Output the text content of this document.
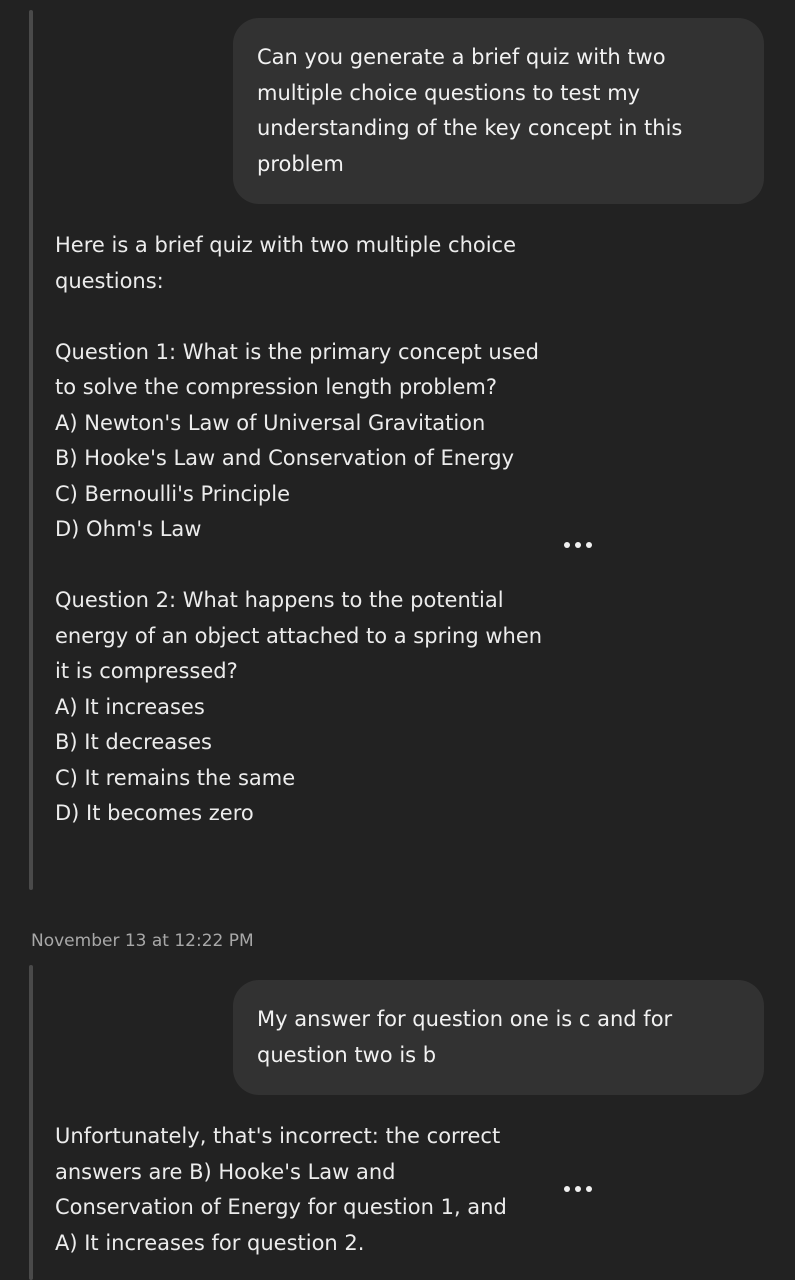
Can you generate a brief quiz with two multiple choice questions to test my understanding of the key concept in this problem

Here is a brief quiz with two multiple choice questions:

Question 1: What is the primary concept used to solve the compression length problem?

A) Newton's Law of Universal Gravitation

B) Hooke's Law and Conservation of Energy

C) Bernoulli's Principle

D) Ohm's Law

Question 2: What happens to the potential energy of an object attached to a spring when it is compressed?

A) It increases

B) It decreases

C) It remains the same

D) It becomes zero

November 13 at 12:22 PM
My answer for question one is c and for question two is b

Unfortunately, that's incorrect: the correct answers are B) Hooke's Law and Conservation of Energy for question 1, and A) It increases for question 2.
